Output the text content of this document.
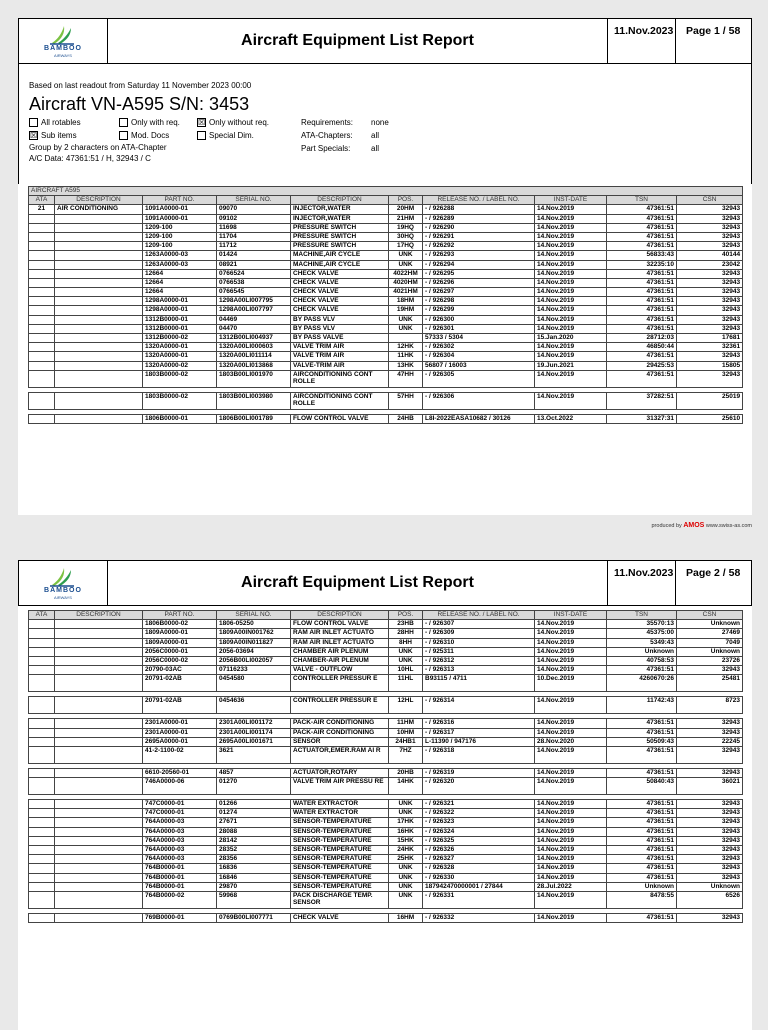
BAMBOO
AIRWAYS
Aircraft Equipment List Report
11.Nov.2023	Page 1 / 58
Based on last readout from Saturday 11 November 2023 00:00
Aircraft VN-A595 S/N: 3453
All rotables
☒ Sub items
Only with req.
Mod. Docs
☒ Only without req.
Special Dim.
Requirements:
ATA-Chapters:
Part Specials:
none
all
all
Group by 2 characters on ATA-Chapter
A/C Data: 47361:51 / H, 32943 / C
AIRCRAFT A595									
ATA	DESCRIPTION	PART NO.	SERIAL NO.	DESCRIPTION	POS.	RELEASE NO. / LABEL NO.	INST-DATE	TSN	CSN
21	AIR CONDITIONING	1091A0000-01	09070	INJECTOR,WATER	20HM	- / 926288	14.Nov.2019	47361:51	32943
		1091A0000-01	09102	INJECTOR,WATER	21HM	- / 926289	14.Nov.2019	47361:51	32943
		1209-100	11698	PRESSURE SWITCH	19HQ	- / 926290	14.Nov.2019	47361:51	32943
		1209-100	11704	PRESSURE SWITCH	30HQ	- / 926291	14.Nov.2019	47361:51	32943
		1209-100	11712	PRESSURE SWITCH	17HQ	- / 926292	14.Nov.2019	47361:51	32943
		1263A0000-03	01424	MACHINE,AIR CYCLE	UNK	- / 926293	14.Nov.2019	56833:43	40144
		1263A0000-03	08921	MACHINE,AIR CYCLE	UNK	- / 926294	14.Nov.2019	32235:10	23042
		12664	0766524	CHECK VALVE	4022HM	- / 926295	14.Nov.2019	47361:51	32943
		12664	0766538	CHECK VALVE	4020HM	- / 926296	14.Nov.2019	47361:51	32943
		12664	0766545	CHECK VALVE	4021HM	- / 926297	14.Nov.2019	47361:51	32943
		1298A0000-01	1298A00LI007795	CHECK VALVE	18HM	- / 926298	14.Nov.2019	47361:51	32943
		1298A0000-01	1298A00LI007797	CHECK VALVE	19HM	- / 926299	14.Nov.2019	47361:51	32943
		1312B0000-01	04469	BY PASS VLV	UNK	- / 926300	14.Nov.2019	47361:51	32943
		1312B0000-01	04470	BY PASS VLV	UNK	- / 926301	14.Nov.2019	47361:51	32943
		1312B0000-02	1312B00LI004937	BY PASS VALVE		57333 / 5304	15.Jan.2020	28712:03	17681
		1320A0000-01	1320A00LI000603	VALVE TRIM AIR	12HK	- / 926302	14.Nov.2019	46850:44	32361
		1320A0000-01	1320A00LI011114	VALVE TRIM AIR	11HK	- / 926304	14.Nov.2019	47361:51	32943
		1320A0000-02	1320A00LI013868	VALVE-TRIM AIR	13HK	56807 / 16003	19.Jun.2021	29425:53	15805
		1803B0000-02	1803B00LI001970	AIRCONDITIONING CONT ROLLE	47HH	- / 926305	14.Nov.2019	47361:51	32943

		1803B0000-02	1803B00LI003980	AIRCONDITIONING CONT ROLLE	57HH	- / 926306	14.Nov.2019	37282:51	25019

		1806B0000-01	1806B00LI001789	FLOW CONTROL VALVE	24HB	L8I-2022EASA10682 / 30126	13.Oct.2022	31327:31	25610
produced by AMOS www.swiss-as.com
BAMBOO
AIRWAYS
Aircraft Equipment List Report
11.Nov.2023	Page 2 / 58
ATA	DESCRIPTION	PART NO.	SERIAL NO.	DESCRIPTION	POS.	RELEASE NO. / LABEL NO.	INST-DATE	TSN	CSN
		1806B0000-02	1806-05250	FLOW CONTROL VALVE	23HB	- / 926307	14.Nov.2019	35570:13	Unknown
		1809A0000-01	1809A00IN001762	RAM AIR INLET ACTUATO	28HH	- / 926309	14.Nov.2019	45375:00	27469
		1809A0000-01	1809A00IN011827	RAM AIR INLET ACTUATO	8HH	- / 926310	14.Nov.2019	5349:43	7049
		2056C0000-01	2056-03694	CHAMBER AIR PLENUM	UNK	- / 925311	14.Nov.2019	Unknown	Unknown
		2056C0000-02	2056B00LI002057	CHAMBER-AIR PLENUM	UNK	- / 926312	14.Nov.2019	40758:53	23726
		20790-03AC	07116233	VALVE - OUTFLOW	10HL	- / 926313	14.Nov.2019	47361:51	32943
		20791-02AB	0454580	CONTROLLER PRESSUR E	11HL	B93115 / 4711	10.Dec.2019	4260670:26	25481

		20791-02AB	0454636	CONTROLLER PRESSUR E	12HL	- / 926314	14.Nov.2019	11742:43	8723

		2301A0000-01	2301A00LI001172	PACK-AIR CONDITIONING	11HM	- / 926316	14.Nov.2019	47361:51	32943
		2301A0000-01	2301A00LI001174	PACK-AIR CONDITIONING	10HM	- / 926317	14.Nov.2019	47361:51	32943
		2695A0000-01	2695A00LI001671	SENSOR	24HB1	L-11390 / 947176	28.Nov.2020	50509:43	22245
		41-2-1100-02	3621	ACTUATOR,EMER.RAM AI R	7HZ	- / 926318	14.Nov.2019	47361:51	32943

		6610-20560-01	4857	ACTUATOR,ROTARY	20HB	- / 926319	14.Nov.2019	47361:51	32943
		746A0000-06	01270	VALVE TRIM AIR PRESSU RE	14HK	- / 926320	14.Nov.2019	50840:43	36021

		747C0000-01	01266	WATER EXTRACTOR	UNK	- / 926321	14.Nov.2019	47361:51	32943
		747C0000-01	01274	WATER EXTRACTOR	UNK	- / 926322	14.Nov.2019	47361:51	32943
		764A0000-03	27671	SENSOR-TEMPERATURE	17HK	- / 926323	14.Nov.2019	47361:51	32943
		764A0000-03	28088	SENSOR-TEMPERATURE	16HK	- / 926324	14.Nov.2019	47361:51	32943
		764A0000-03	28142	SENSOR-TEMPERATURE	15HK	- / 926325	14.Nov.2019	47361:51	32943
		764A0000-03	28352	SENSOR-TEMPERATURE	24HK	- / 926326	14.Nov.2019	47361:51	32943
		764A0000-03	28356	SENSOR-TEMPERATURE	25HK	- / 926327	14.Nov.2019	47361:51	32943
		764B0000-01	16836	SENSOR-TEMPERATURE	UNK	- / 926328	14.Nov.2019	47361:51	32943
		764B0000-01	16846	SENSOR-TEMPERATURE	UNK	- / 926330	14.Nov.2019	47361:51	32943
		764B0000-01	29870	SENSOR-TEMPERATURE	UNK	187942470000001 / 27844	28.Jul.2022	Unknown	Unknown
		764B0000-02	59968	PACK DISCHARGE TEMP. SENSOR	UNK	- / 926331	14.Nov.2019	8478:55	6526

		769B0000-01	0769B00LI007771	CHECK VALVE	16HM	- / 926332	14.Nov.2019	47361:51	32943
